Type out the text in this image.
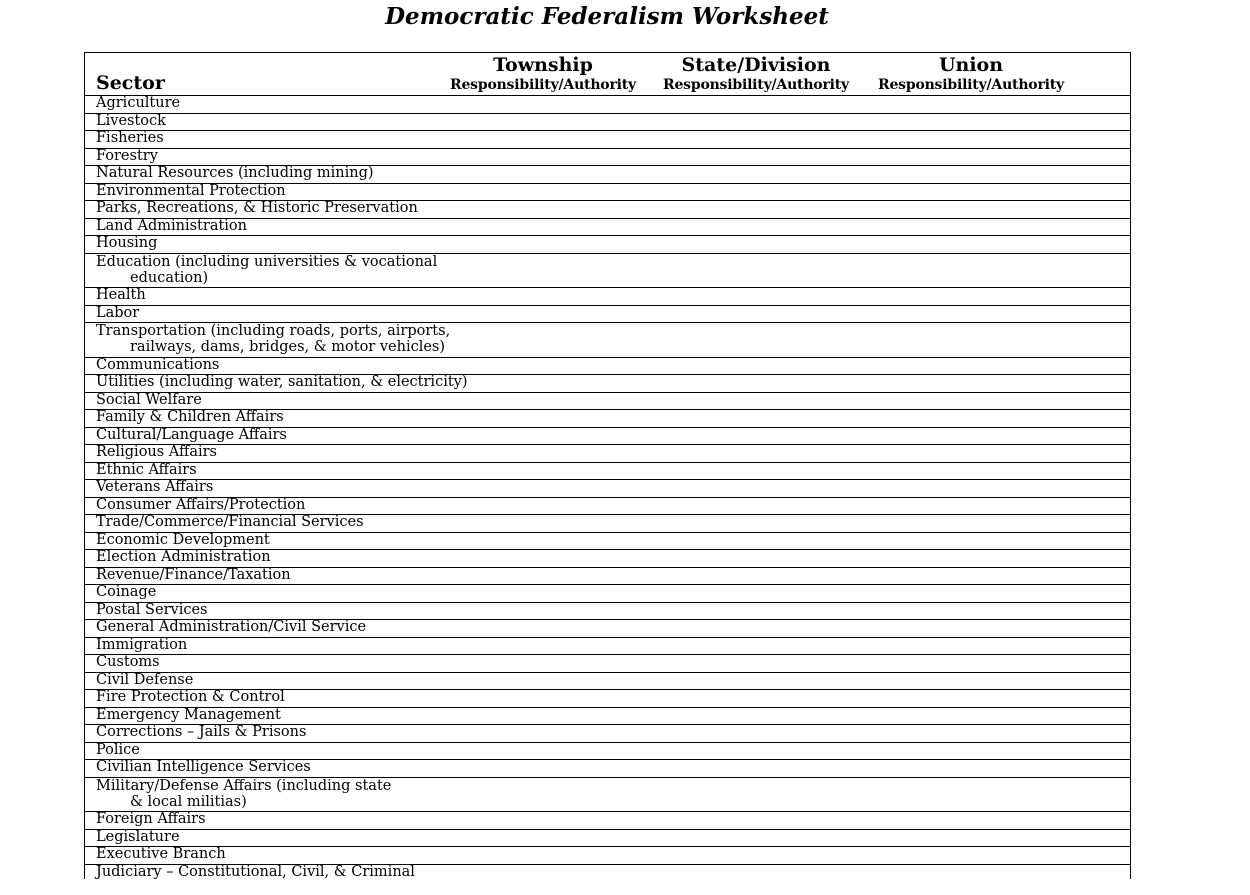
Democratic Federalism Worksheet
Sector
Township
Responsibility/Authority
State/Division
Responsibility/Authority
Union
Responsibility/Authority
Agriculture
Livestock
Fisheries
Forestry
Natural Resources (including mining)
Environmental Protection
Parks, Recreations, & Historic Preservation
Land Administration
Housing
Education (including universities & vocational
education)
Health
Labor
Transportation (including roads, ports, airports,
railways, dams, bridges, & motor vehicles)
Communications
Utilities (including water, sanitation, & electricity)
Social Welfare
Family & Children Affairs
Cultural/Language Affairs
Religious Affairs
Ethnic Affairs
Veterans Affairs
Consumer Affairs/Protection
Trade/Commerce/Financial Services
Economic Development
Election Administration
Revenue/Finance/Taxation
Coinage
Postal Services
General Administration/Civil Service
Immigration
Customs
Civil Defense
Fire Protection & Control
Emergency Management
Corrections – Jails & Prisons
Police
Civilian Intelligence Services
Military/Defense Affairs (including state
& local militias)
Foreign Affairs
Legislature
Executive Branch
Judiciary – Constitutional, Civil, & Criminal
